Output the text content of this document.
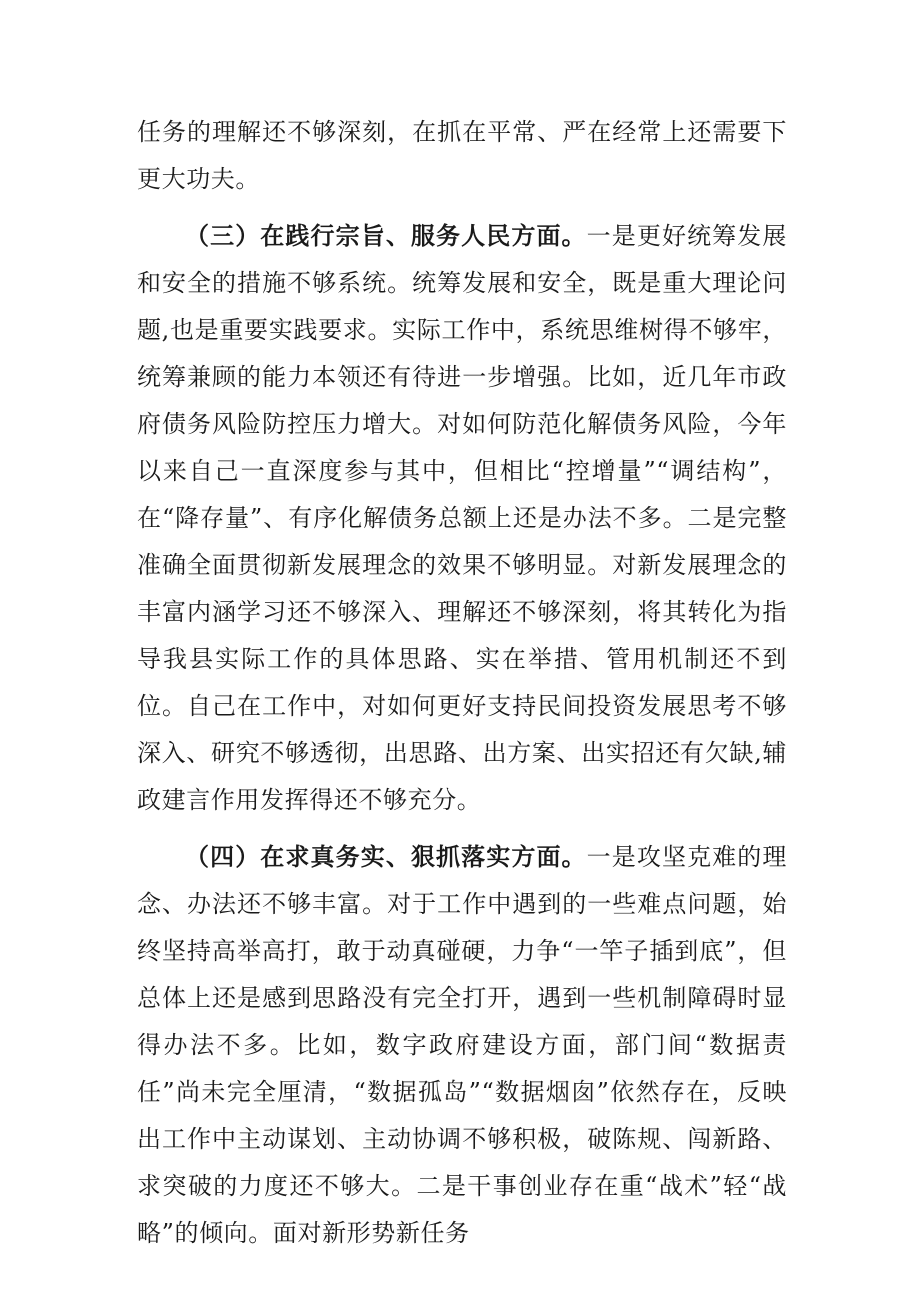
任务的理解还不够深刻，在抓在平常、严在经常上还需要下更大功夫。

（三）在践行宗旨、服务人民方面。一是更好统筹发展和安全的措施不够系统。统筹发展和安全，既是重大理论问题,也是重要实践要求。实际工作中，系统思维树得不够牢，统筹兼顾的能力本领还有待进一步增强。比如，近几年市政府债务风险防控压力增大。对如何防范化解债务风险，今年以来自己一直深度参与其中，但相比“控增量”“调结构”，在“降存量”、有序化解债务总额上还是办法不多。二是完整准确全面贯彻新发展理念的效果不够明显。对新发展理念的丰富内涵学习还不够深入、理解还不够深刻，将其转化为指导我县实际工作的具体思路、实在举措、管用机制还不到位。自己在工作中，对如何更好支持民间投资发展思考不够深入、研究不够透彻，出思路、出方案、出实招还有欠缺,辅政建言作用发挥得还不够充分。

（四）在求真务实、狠抓落实方面。一是攻坚克难的理念、办法还不够丰富。对于工作中遇到的一些难点问题，始终坚持高举高打，敢于动真碰硬，力争“一竿子插到底”，但总体上还是感到思路没有完全打开，遇到一些机制障碍时显得办法不多。比如，数字政府建设方面，部门间“数据责任”尚未完全厘清，“数据孤岛”“数据烟囱”依然存在，反映出工作中主动谋划、主动协调不够积极，破陈规、闯新路、求突破的力度还不够大。二是干事创业存在重“战术”轻“战略”的倾向。面对新形势新任务
